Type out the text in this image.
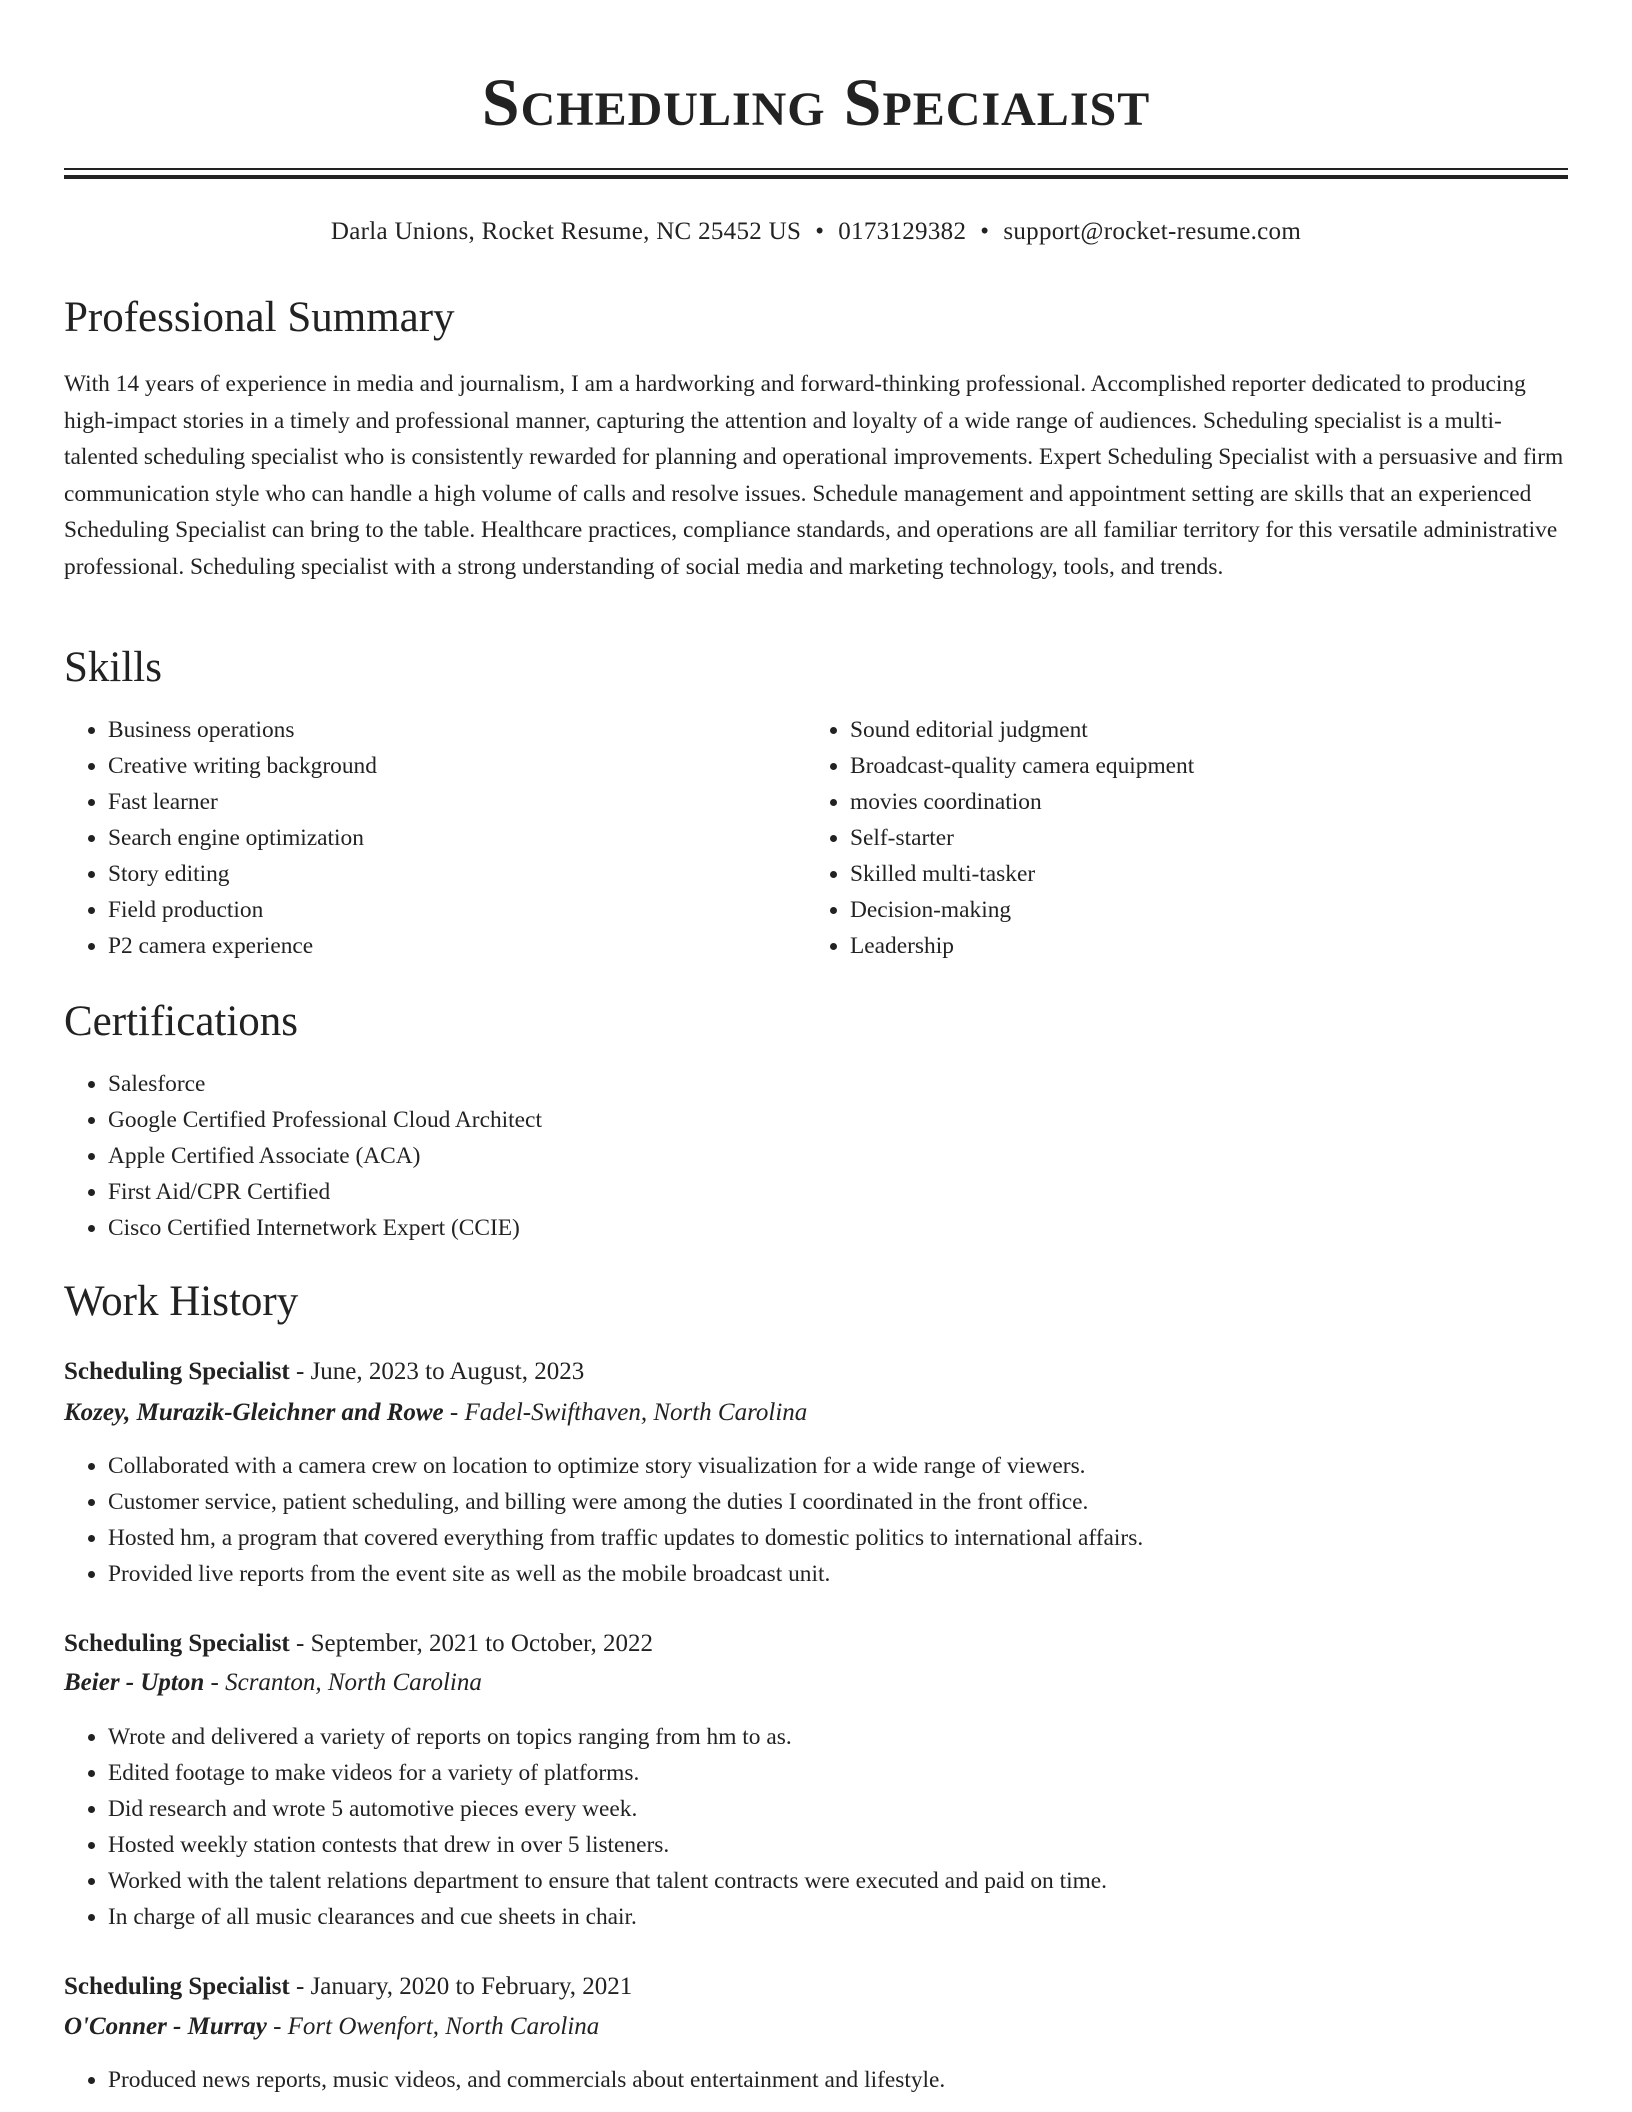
Scheduling Specialist
Darla Unions, Rocket Resume, NC 25452 US • 0173129382 • support@rocket-resume.com
Professional Summary

With 14 years of experience in media and journalism, I am a hardworking and forward-thinking professional. Accomplished reporter dedicated to producing high-impact stories in a timely and professional manner, capturing the attention and loyalty of a wide range of audiences. Scheduling specialist is a multi-talented scheduling specialist who is consistently rewarded for planning and operational improvements. Expert Scheduling Specialist with a persuasive and firm communication style who can handle a high volume of calls and resolve issues. Schedule management and appointment setting are skills that an experienced Scheduling Specialist can bring to the table. Healthcare practices, compliance standards, and operations are all familiar territory for this versatile administrative professional. Scheduling specialist with a strong understanding of social media and marketing technology, tools, and trends.

Skills
• Business operations
• Creative writing background
• Fast learner
• Search engine optimization
• Story editing
• Field production
• P2 camera experience
• Sound editorial judgment
• Broadcast-quality camera equipment
• movies coordination
• Self-starter
• Skilled multi-tasker
• Decision-making
• Leadership
Certifications
• Salesforce
• Google Certified Professional Cloud Architect
• Apple Certified Associate (ACA)
• First Aid/CPR Certified
• Cisco Certified Internetwork Expert (CCIE)
Work History
Scheduling Specialist - June, 2023 to August, 2023
Kozey, Murazik-Gleichner and Rowe - Fadel-Swifthaven, North Carolina
• Collaborated with a camera crew on location to optimize story visualization for a wide range of viewers.
• Customer service, patient scheduling, and billing were among the duties I coordinated in the front office.
• Hosted hm, a program that covered everything from traffic updates to domestic politics to international affairs.
• Provided live reports from the event site as well as the mobile broadcast unit.
Scheduling Specialist - September, 2021 to October, 2022
Beier - Upton - Scranton, North Carolina
• Wrote and delivered a variety of reports on topics ranging from hm to as.
• Edited footage to make videos for a variety of platforms.
• Did research and wrote 5 automotive pieces every week.
• Hosted weekly station contests that drew in over 5 listeners.
• Worked with the talent relations department to ensure that talent contracts were executed and paid on time.
• In charge of all music clearances and cue sheets in chair.
Scheduling Specialist - January, 2020 to February, 2021
O'Conner - Murray - Fort Owenfort, North Carolina
• Produced news reports, music videos, and commercials about entertainment and lifestyle.
